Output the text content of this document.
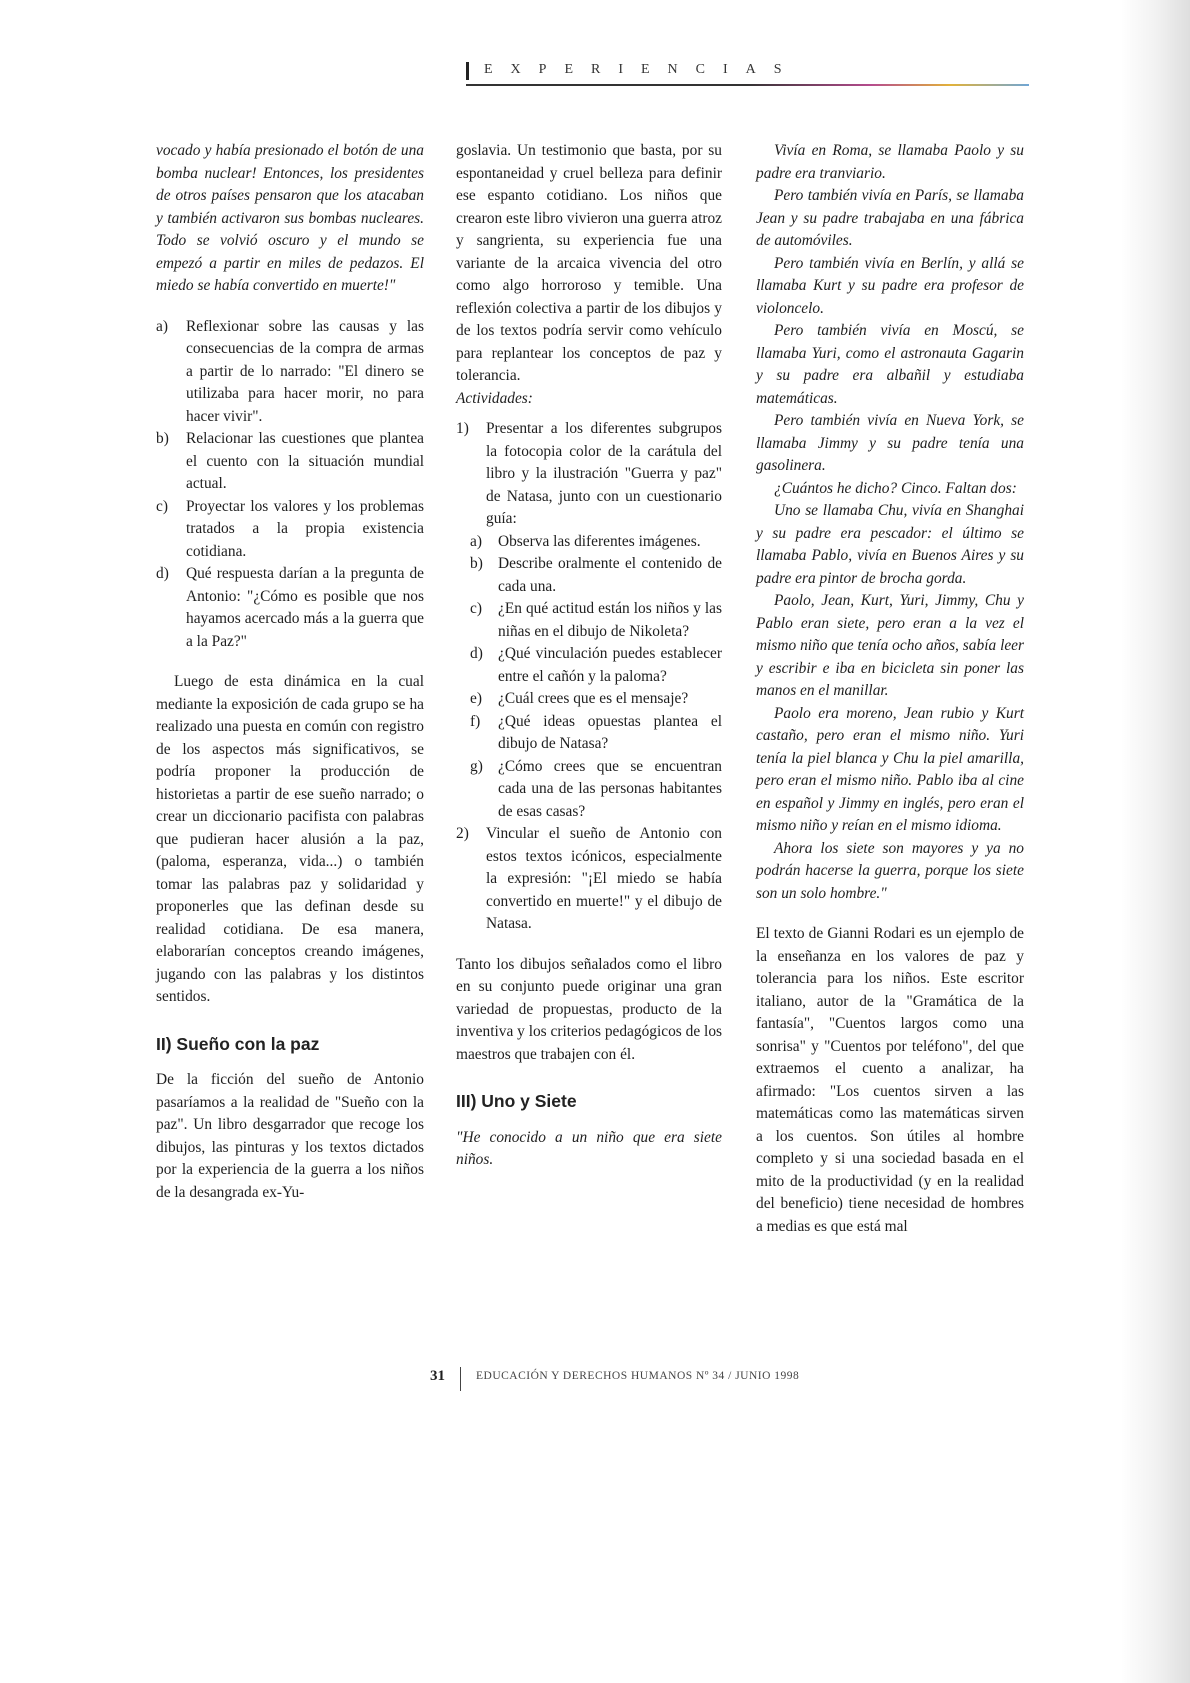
EXPERIENCIAS

vocado y había presionado el botón de una bomba nuclear! Entonces, los presidentes de otros países pensaron que los atacaban y también activaron sus bombas nucleares. Todo se volvió oscuro y el mundo se empezó a partir en miles de pedazos. El miedo se había convertido en muerte!"

a)	Reflexionar sobre las causas y las consecuencias de la compra de armas a partir de lo narrado: "El dinero se utilizaba para hacer morir, no para hacer vivir".
b)	Relacionar las cuestiones que plantea el cuento con la situación mundial actual.
c)	Proyectar los valores y los problemas tratados a la propia existencia cotidiana.
d)	Qué respuesta darían a la pregunta de Antonio: "¿Cómo es posible que nos hayamos acercado más a la guerra que a la Paz?"

Luego de esta dinámica en la cual mediante la exposición de cada grupo se ha realizado una puesta en común con registro de los aspectos más significativos, se podría proponer la producción de historietas a partir de ese sueño narrado; o crear un diccionario pacifista con palabras que pudieran hacer alusión a la paz, (paloma, esperanza, vida...) o también tomar las palabras paz y solidaridad y proponerles que las definan desde su realidad cotidiana. De esa manera, elaborarían conceptos creando imágenes, jugando con las palabras y los distintos sentidos.

II) Sueño con la paz

De la ficción del sueño de Antonio pasaríamos a la realidad de "Sueño con la paz". Un libro desgarrador que recoge los dibujos, las pinturas y los textos dictados por la experiencia de la guerra a los niños de la desangrada ex-Yu-

goslavia. Un testimonio que basta, por su espontaneidad y cruel belleza para definir ese espanto cotidiano. Los niños que crearon este libro vivieron una guerra atroz y sangrienta, su experiencia fue una variante de la arcaica vivencia del otro como algo horroroso y temible. Una reflexión colectiva a partir de los dibujos y de los textos podría servir como vehículo para replantear los conceptos de paz y tolerancia.

Actividades:

1)	Presentar a los diferentes subgrupos la fotocopia color de la carátula del libro y la ilustración "Guerra y paz" de Natasa, junto con un cuestionario guía:
a)	Observa las diferentes imágenes.
b) Describe oralmente el contenido de cada una.
c)	¿En qué actitud están los niños y las niñas en el dibujo de Nikoleta?
d) ¿Qué vinculación puedes establecer entre el cañón y la paloma?
e)	¿Cuál crees que es el mensaje?
f)	¿Qué ideas opuestas plantea el dibujo de Natasa?
g) ¿Cómo crees que se encuentran cada una de las personas habitantes de esas casas?
2)	Vincular el sueño de Antonio con estos textos icónicos, especialmente la expresión: "¡El miedo se había convertido en muerte!" y el dibujo de Natasa.

Tanto los dibujos señalados como el libro en su conjunto puede originar una gran variedad de propuestas, producto de la inventiva y los criterios pedagógicos de los maestros que trabajen con él.

III) Uno y Siete

"He conocido a un niño que era siete niños.

Vivía en Roma, se llamaba Paolo y su padre era tranviario.

Pero también vivía en París, se llamaba Jean y su padre trabajaba en una fábrica de automóviles.

Pero también vivía en Berlín, y allá se llamaba Kurt y su padre era profesor de violoncelo.

Pero también vivía en Moscú, se llamaba Yuri, como el astronauta Gagarin y su padre era albañil y estudiaba matemáticas.

Pero también vivía en Nueva York, se llamaba Jimmy y su padre tenía una gasolinera.

¿Cuántos he dicho? Cinco. Faltan dos:

Uno se llamaba Chu, vivía en Shanghai y su padre era pescador: el último se llamaba Pablo, vivía en Buenos Aires y su padre era pintor de brocha gorda.

Paolo, Jean, Kurt, Yuri, Jimmy, Chu y Pablo eran siete, pero eran a la vez el mismo niño que tenía ocho años, sabía leer y escribir e iba en bicicleta sin poner las manos en el manillar.

Paolo era moreno, Jean rubio y Kurt castaño, pero eran el mismo niño. Yuri tenía la piel blanca y Chu la piel amarilla, pero eran el mismo niño. Pablo iba al cine en español y Jimmy en inglés, pero eran el mismo niño y reían en el mismo idioma.

Ahora los siete son mayores y ya no podrán hacerse la guerra, porque los siete son un solo hombre."

El texto de Gianni Rodari es un ejemplo de la enseñanza en los valores de paz y tolerancia para los niños. Este escritor italiano, autor de la "Gramática de la fantasía", "Cuentos largos como una sonrisa" y "Cuentos por teléfono", del que extraemos el cuento a analizar, ha afirmado: "Los cuentos sirven a las matemáticas como las matemáticas sirven a los cuentos. Son útiles al hombre completo y si una sociedad basada en el mito de la productividad (y en la realidad del beneficio) tiene necesidad de hombres a medias es que está mal

31	EDUCACIÓN Y DERECHOS HUMANOS Nº 34 / JUNIO 1998
